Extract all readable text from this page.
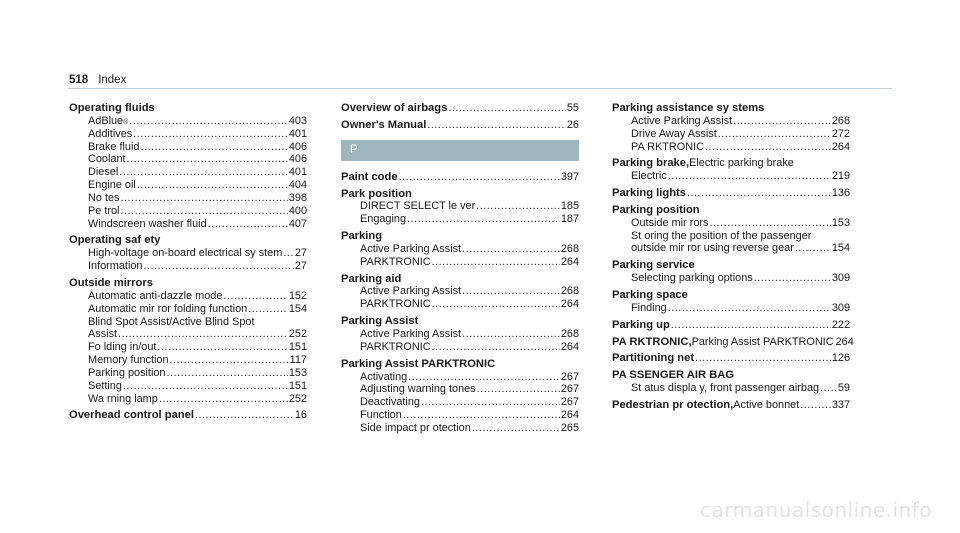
518 Index
Operating fluids
AdBlue ® .....	403
Additives .....	401
Brake fluid .....	406
Coolant .....	406
Diesel .....	401
Engine oil .....	404
No tes .....	398
Pe trol .....	400
Windscreen washer fluid .....	407
Operating saf ety
High-voltage on-board electrical sy stem ..... 27
Information .....	27
Outside mirrors
Automatic anti-dazzle mode .....	152
Automatic mir ror folding function .....	154
Blind Spot Assist/Active Blind Spot
Assist .....	252
Fo lding in/out .....	151
Memory function .....	117
Parking position .....	153
Setting .....	151
Wa rning lamp .....	252
Overhead control panel .....	16
Overview of airbags .....	55
Owner's Manual .....	26
P
Paint code .....	397
Park position
DIRECT SELECT le ver .....	185
Engaging .....	187
Parking
Active Parking Assist .....	268
PARKTRONIC .....	264
Parking aid
Active Parking Assist .....	268
PARKTRONIC .....	264
Parking Assist
Active Parking Assist .....	268
PARKTRONIC .....	264
Parking Assist PARKTRONIC
Activating .....	267
Adjusting warning tones .....	267
Deactivating .....	267
Function .....	264
Side impact pr otection .....	265
Parking assistance sy stems
Active Parking Assist .....	268
Drive Away Assist .....	272
PA RKTRONIC .....	264
Parking brake, Electric parking brake
Electric .....	219
Parking lights .....	136
Parking position
Outside mir rors .....	153
St oring the position of the passenger
outside mir ror using reverse gear .....	154
Parking service
Selecting parking options .....	309
Parking space
Finding .....	309
Parking up .....	222
PA RKTRONIC, Parking Assist PARKTRONIC 264
Partitioning net .....	126
PA SSENGER AIR BAG
St atus displa y, front passenger airbag ..... 59
Pedestrian pr otection, Active bonnet .....	337
carmanualsonline.info
